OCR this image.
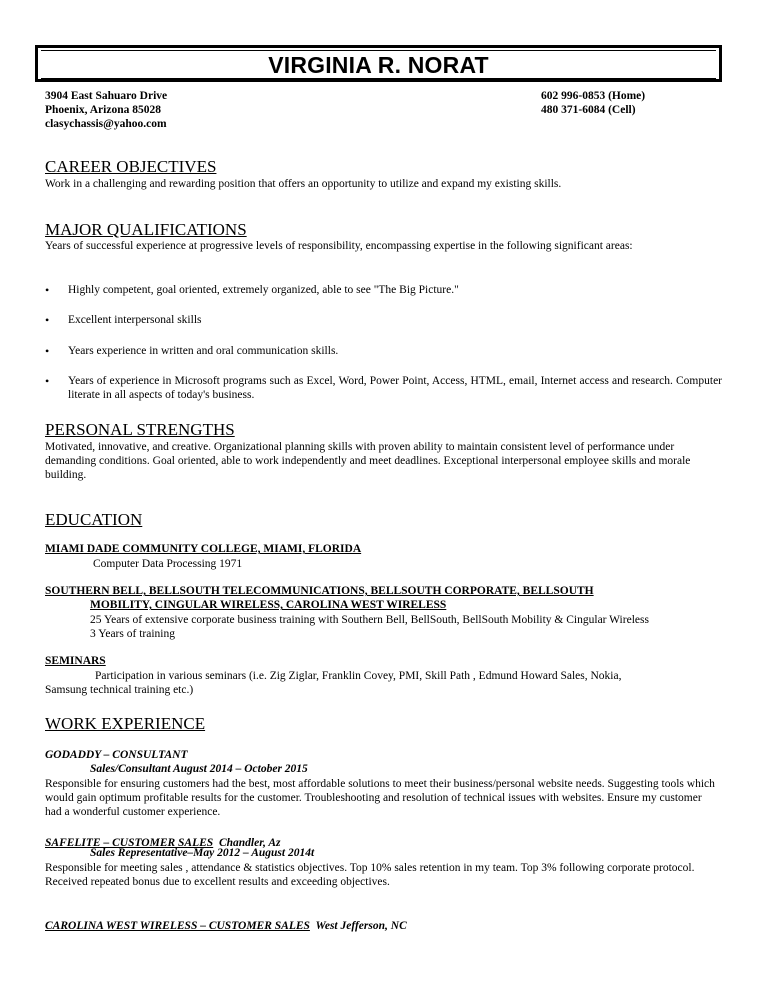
VIRGINIA R. NORAT
3904 East Sahuaro Drive
Phoenix, Arizona 85028
clasychassis@yahoo.com
602 996-0853 (Home)
480 371-6084 (Cell)
CAREER OBJECTIVES
Work in a challenging and rewarding position that offers an opportunity to utilize and expand my existing skills.
MAJOR QUALIFICATIONS
Years of successful experience at progressive levels of responsibility, encompassing expertise in the following significant areas:
• Highly competent, goal oriented, extremely organized, able to see "The Big Picture."
• Excellent interpersonal skills
• Years experience in written and oral communication skills.
• Years of experience in Microsoft programs such as Excel, Word, Power Point, Access, HTML, email, Internet access and research. Computer literate in all aspects of today's business.
PERSONAL STRENGTHS
Motivated, innovative, and creative. Organizational planning skills with proven ability to maintain consistent level of performance under demanding conditions. Goal oriented, able to work independently and meet deadlines. Exceptional interpersonal employee skills and morale building.
EDUCATION
MIAMI DADE COMMUNITY COLLEGE, MIAMI, FLORIDA
Computer Data Processing 1971
SOUTHERN BELL, BELLSOUTH TELECOMMUNICATIONS, BELLSOUTH CORPORATE, BELLSOUTH
MOBILITY, CINGULAR WIRELESS, CAROLINA WEST WIRELESS
25 Years of extensive corporate business training with Southern Bell, BellSouth, BellSouth Mobility & Cingular Wireless
3 Years of training
SEMINARS
Participation in various seminars (i.e. Zig Ziglar, Franklin Covey, PMI, Skill Path , Edmund Howard Sales, Nokia,
Samsung technical training etc.)
WORK EXPERIENCE
GODADDY – CONSULTANT
Sales/Consultant August 2014 – October 2015
Responsible for ensuring customers had the best, most affordable solutions to meet their business/personal website needs. Suggesting tools which would gain optimum profitable results for the customer. Troubleshooting and resolution of technical issues with websites. Ensure my customer had a wonderful customer experience.
SAFELITE – CUSTOMER SALES  Chandler, Az
Sales Representative–May 2012 – August 2014t
Responsible for meeting sales , attendance & statistics objectives. Top 10% sales retention in my team. Top 3% following corporate protocol. Received repeated bonus due to excellent results and exceeding objectives.
CAROLINA WEST WIRELESS – CUSTOMER SALES  West Jefferson, NC
